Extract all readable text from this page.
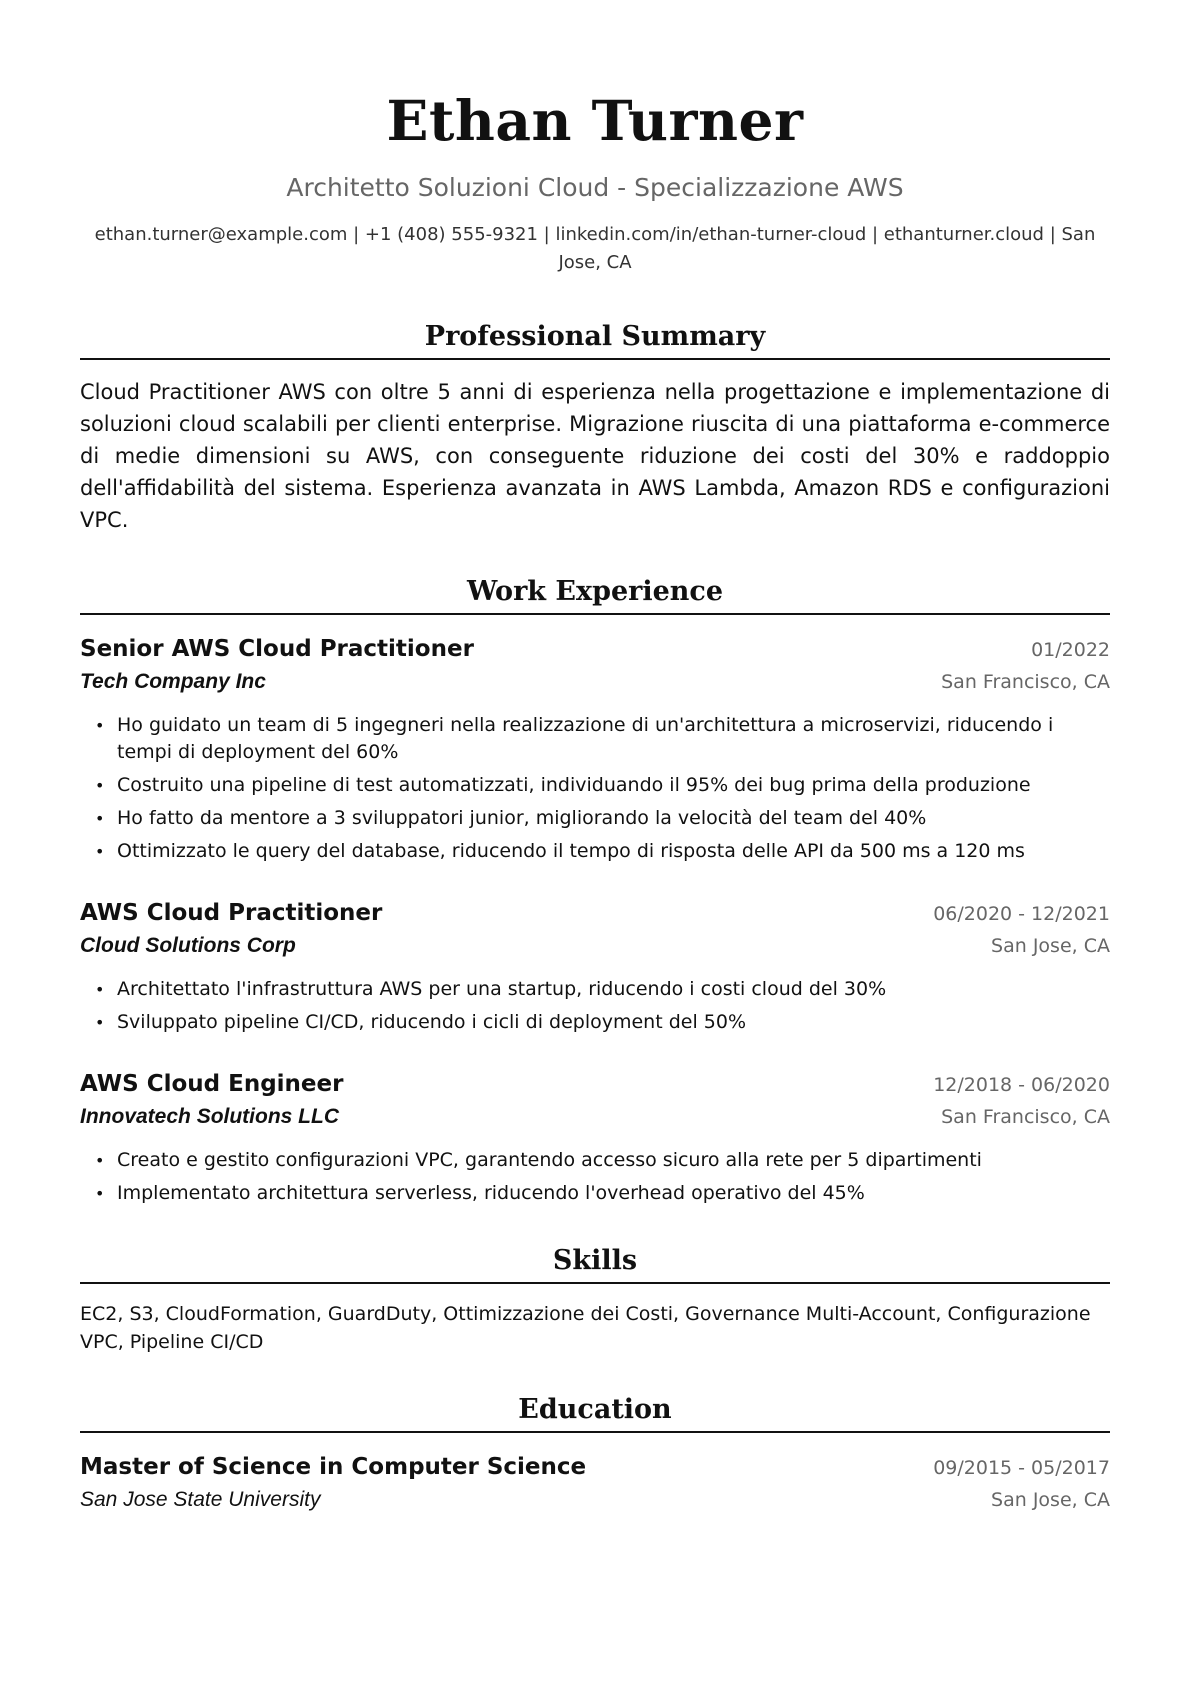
Ethan Turner
Architetto Soluzioni Cloud - Specializzazione AWS
ethan.turner@example.com | +1 (408) 555-9321 | linkedin.com/in/ethan-turner-cloud | ethanturner.cloud | San Jose, CA
Professional Summary
Cloud Practitioner AWS con oltre 5 anni di esperienza nella progettazione e implementazione di soluzioni cloud scalabili per clienti enterprise. Migrazione riuscita di una piattaforma e-commerce di medie dimensioni su AWS, con conseguente riduzione dei costi del 30% e raddoppio dell'affidabilità del sistema. Esperienza avanzata in AWS Lambda, Amazon RDS e configurazioni VPC.
Work Experience
Senior AWS Cloud Practitioner	01/2022
Tech Company Inc	San Francisco, CA
• Ho guidato un team di 5 ingegneri nella realizzazione di un'architettura a microservizi, riducendo i tempi di deployment del 60%
• Costruito una pipeline di test automatizzati, individuando il 95% dei bug prima della produzione
• Ho fatto da mentore a 3 sviluppatori junior, migliorando la velocità del team del 40%
• Ottimizzato le query del database, riducendo il tempo di risposta delle API da 500 ms a 120 ms
AWS Cloud Practitioner	06/2020 - 12/2021
Cloud Solutions Corp	San Jose, CA
• Architettato l'infrastruttura AWS per una startup, riducendo i costi cloud del 30%
• Sviluppato pipeline CI/CD, riducendo i cicli di deployment del 50%
AWS Cloud Engineer	12/2018 - 06/2020
Innovatech Solutions LLC	San Francisco, CA
• Creato e gestito configurazioni VPC, garantendo accesso sicuro alla rete per 5 dipartimenti
• Implementato architettura serverless, riducendo l'overhead operativo del 45%
Skills
EC2, S3, CloudFormation, GuardDuty, Ottimizzazione dei Costi, Governance Multi-Account, Configurazione VPC, Pipeline CI/CD
Education
Master of Science in Computer Science	09/2015 - 05/2017
San Jose State University	San Jose, CA
